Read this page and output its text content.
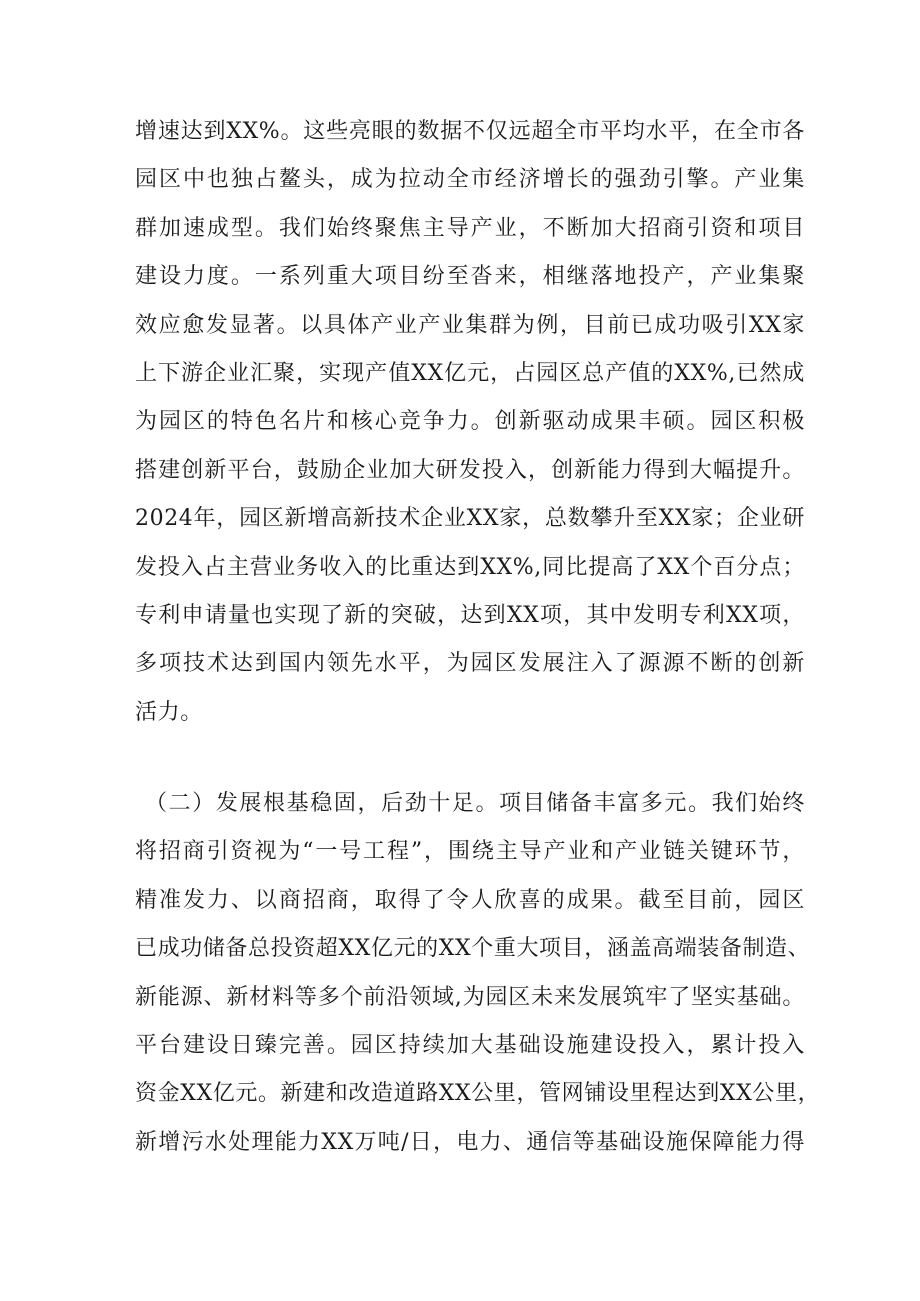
增速达到XX%。这些亮眼的数据不仅远超全市平均水平，在全市各
园区中也独占鳌头，成为拉动全市经济增长的强劲引擎。产业集
群加速成型。我们始终聚焦主导产业，不断加大招商引资和项目
建设力度。一系列重大项目纷至沓来，相继落地投产，产业集聚
效应愈发显著。以具体产业产业集群为例，目前已成功吸引XX家
上下游企业汇聚，实现产值XX亿元，占园区总产值的XX%,已然成
为园区的特色名片和核心竞争力。创新驱动成果丰硕。园区积极
搭建创新平台，鼓励企业加大研发投入，创新能力得到大幅提升。
2024年，园区新增高新技术企业XX家，总数攀升至XX家；企业研
发投入占主营业务收入的比重达到XX%,同比提高了XX个百分点；
专利申请量也实现了新的突破，达到XX项，其中发明专利XX项，
多项技术达到国内领先水平，为园区发展注入了源源不断的创新
活力。

（二）发展根基稳固，后劲十足。项目储备丰富多元。我们始终
将招商引资视为“一号工程”，围绕主导产业和产业链关键环节，
精准发力、以商招商，取得了令人欣喜的成果。截至目前，园区
已成功储备总投资超XX亿元的XX个重大项目，涵盖高端装备制造、
新能源、新材料等多个前沿领域,为园区未来发展筑牢了坚实基础。
平台建设日臻完善。园区持续加大基础设施建设投入，累计投入
资金XX亿元。新建和改造道路XX公里，管网铺设里程达到XX公里，
新增污水处理能力XX万吨/日，电力、通信等基础设施保障能力得
